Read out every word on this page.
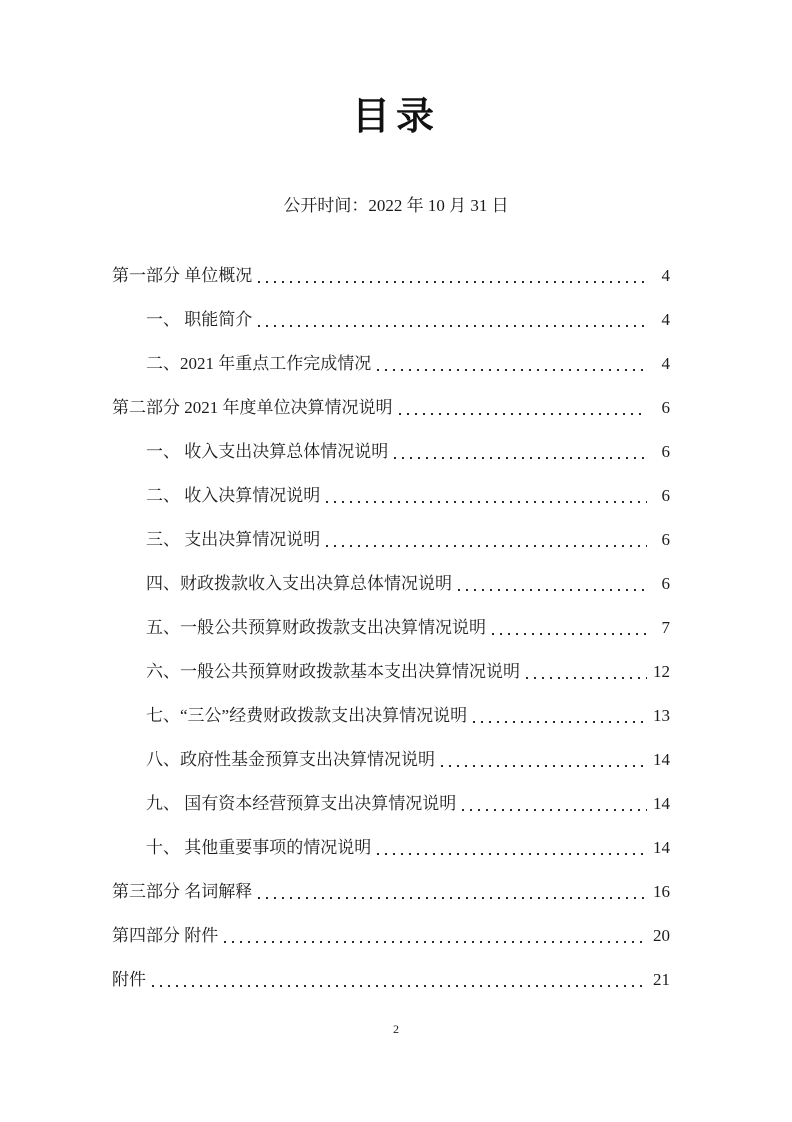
目录
公开时间：2022 年 10 月 31 日
第一部分 单位概况	4
一、 职能简介	4
二、2021 年重点工作完成情况	4
第二部分 2021 年度单位决算情况说明	6
一、 收入支出决算总体情况说明	6
二、 收入决算情况说明	6
三、 支出决算情况说明	6
四、财政拨款收入支出决算总体情况说明	6
五、一般公共预算财政拨款支出决算情况说明	7
六、一般公共预算财政拨款基本支出决算情况说明	12
七、“三公”经费财政拨款支出决算情况说明	13
八、政府性基金预算支出决算情况说明	14
九、 国有资本经营预算支出决算情况说明	14
十、 其他重要事项的情况说明	14
第三部分 名词解释	16
第四部分 附件	20
附件	21
2
